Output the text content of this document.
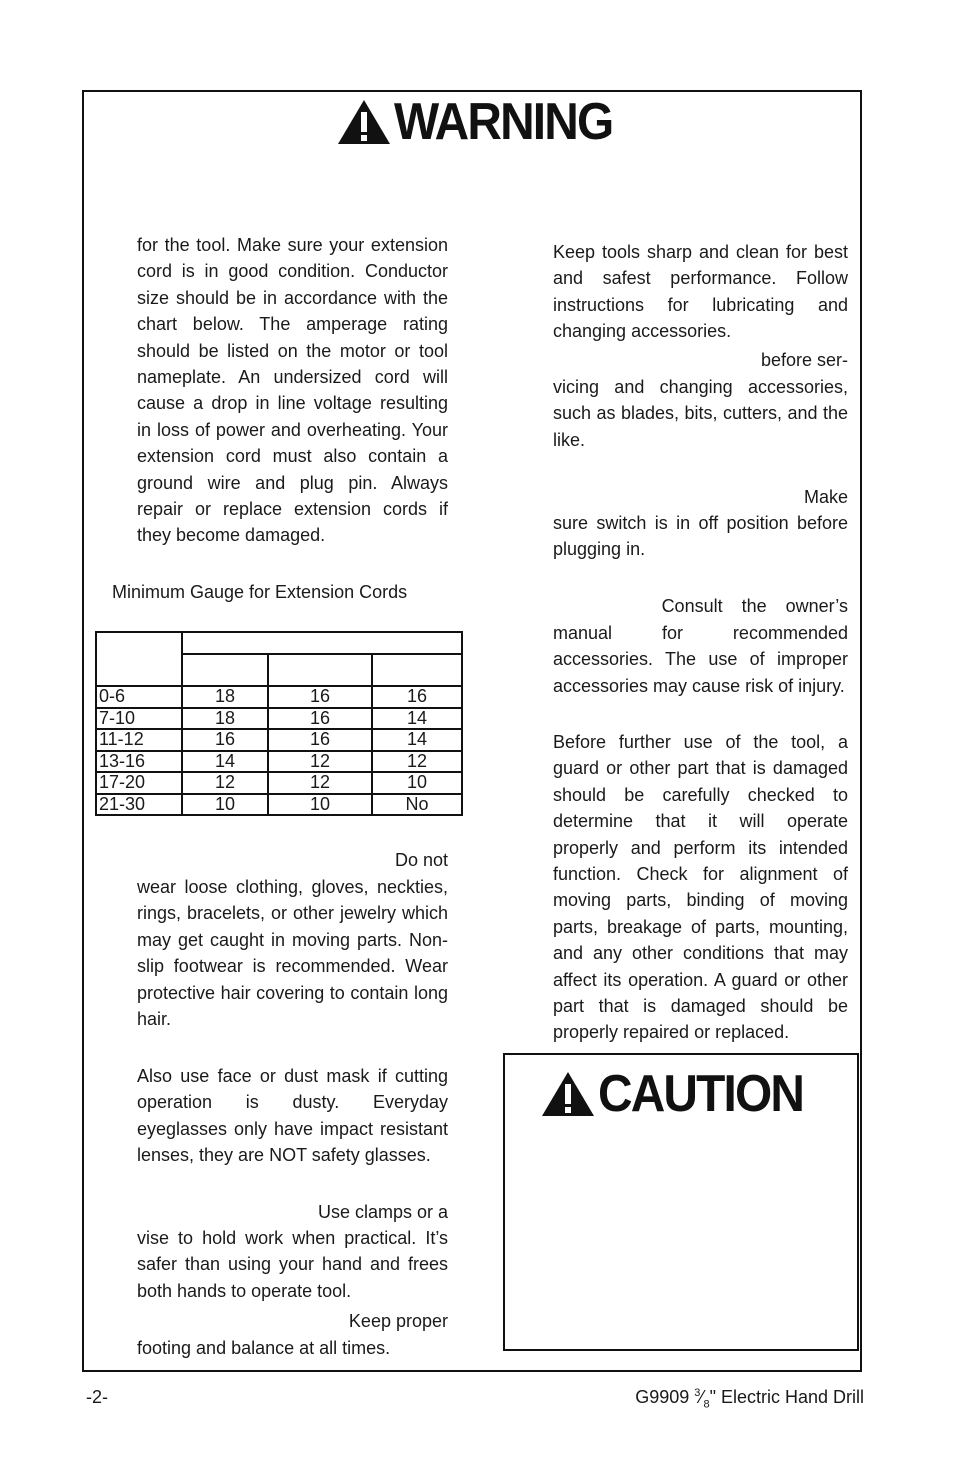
WARNING

for the tool. Make sure your extension cord is in good condition. Conductor size should be in accordance with the chart below. The amperage rating should be listed on the motor or tool nameplate. An undersized cord will cause a drop in line voltage resulting in loss of power and overheating. Your extension cord must also contain a ground wire and plug pin. Always repair or replace extension cords if they become damaged.

Minimum Gauge for Extension Cords

0-6	18	16	16
7-10	18	16	14
11-12	16	16	14
13-16	14	12	12
17-20	12	12	10
21-30	10	10	No

Do not

wear loose clothing, gloves, neckties, rings, bracelets, or other jewelry which may get caught in moving parts. Non-slip footwear is recommended. Wear protective hair covering to contain long hair.

Also use face or dust mask if cutting operation is dusty. Everyday eyeglasses only have impact resistant lenses, they are NOT safety glasses.

Use clamps or a

vise to hold work when practical. It’s safer than using your hand and frees both hands to operate tool.

Keep proper

footing and balance at all times.

Keep tools sharp and clean for best and safest performance. Follow instructions for lubricating and changing accessories.

before ser-

vicing and changing accessories, such as blades, bits, cutters, and the like.

Make

sure switch is in off position before plugging in.

Consult the owner’s

manual for recommended accessories. The use of improper accessories may cause risk of injury.

Before further use of the tool, a guard or other part that is damaged should be carefully checked to determine that it will operate properly and perform its intended function. Check for alignment of moving parts, binding of moving parts, breakage of parts, mounting, and any other conditions that may affect its operation. A guard or other part that is damaged should be properly repaired or replaced.

CAUTION
-2-	G9909 $^3⁄_8$" Electric Hand Drill
